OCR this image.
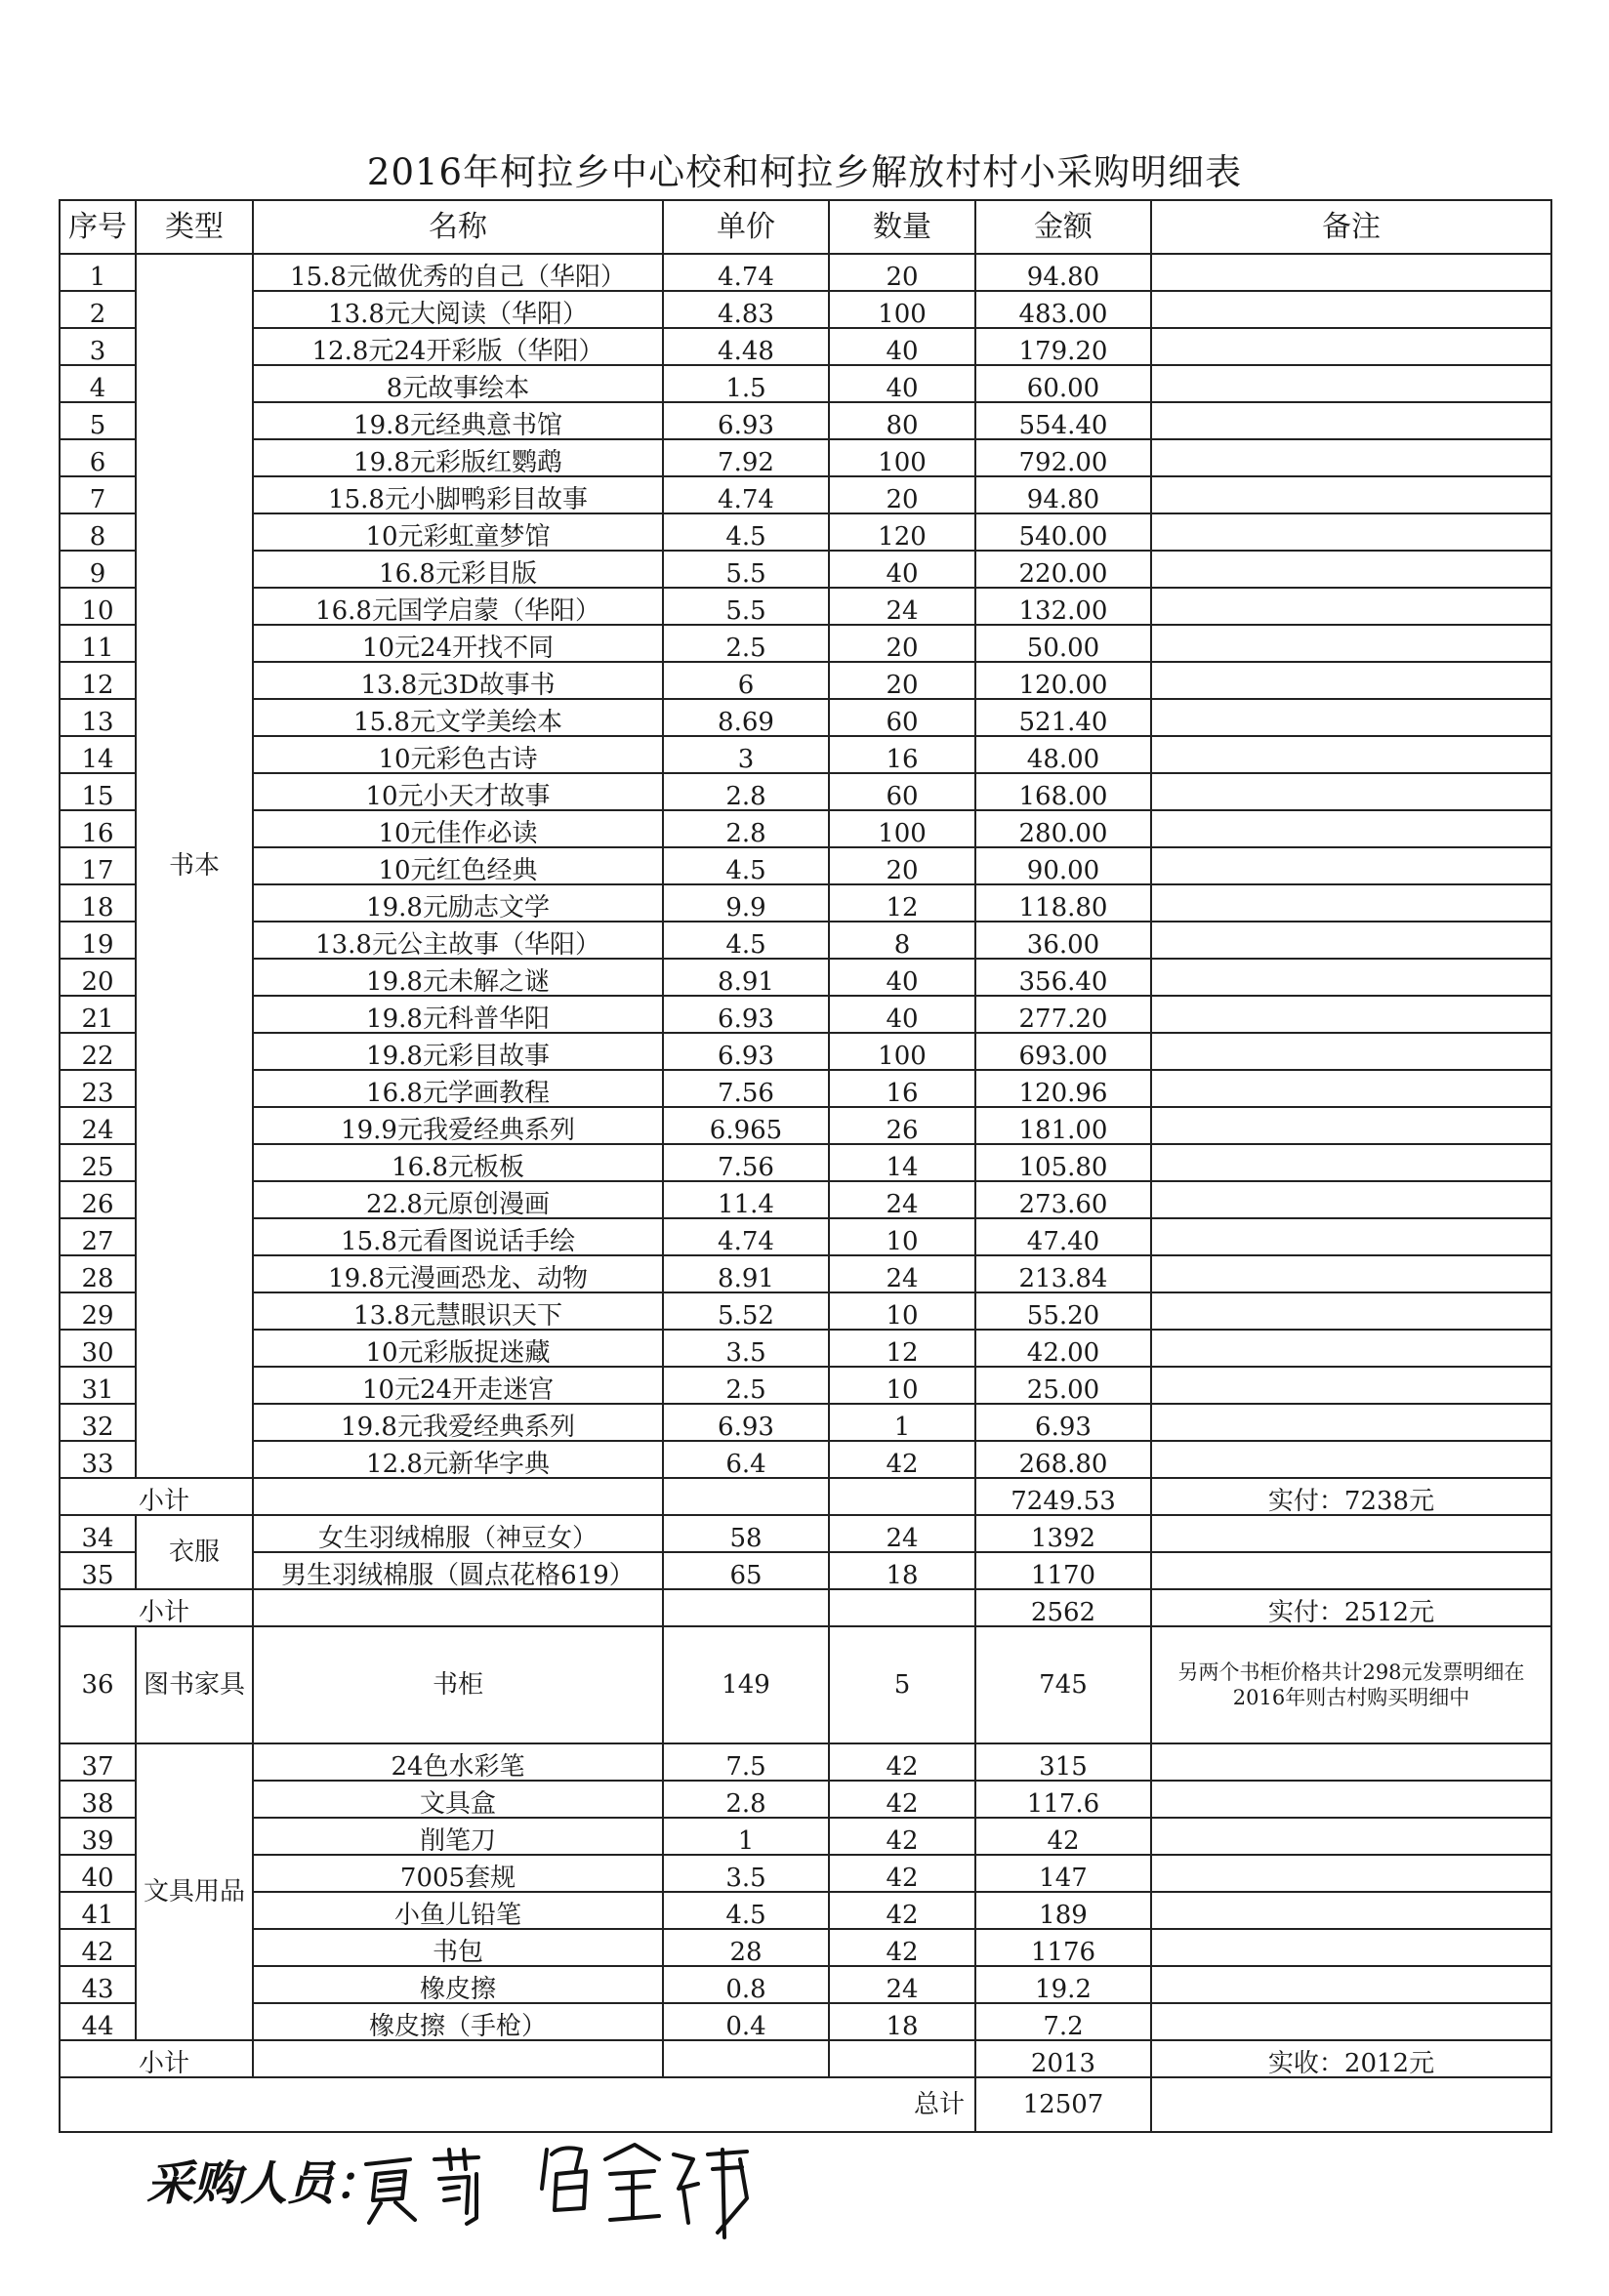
2016年柯拉乡中心校和柯拉乡解放村村小采购明细表
序号	类型	名称	单价	数量	金额	备注
1	书本	15.8元做优秀的自己（华阳）	4.74	20	94.80	
2		13.8元大阅读（华阳）	4.83	100	483.00	
3		12.8元24开彩版（华阳）	4.48	40	179.20	
4		8元故事绘本	1.5	40	60.00	
5		19.8元经典意书馆	6.93	80	554.40	
6		19.8元彩版红鹦鹉	7.92	100	792.00	
7		15.8元小脚鸭彩目故事	4.74	20	94.80	
8		10元彩虹童梦馆	4.5	120	540.00	
9		16.8元彩目版	5.5	40	220.00	
10		16.8元国学启蒙（华阳）	5.5	24	132.00	
11		10元24开找不同	2.5	20	50.00	
12		13.8元3D故事书	6	20	120.00	
13		15.8元文学美绘本	8.69	60	521.40	
14		10元彩色古诗	3	16	48.00	
15		10元小天才故事	2.8	60	168.00	
16		10元佳作必读	2.8	100	280.00	
17		10元红色经典	4.5	20	90.00	
18		19.8元励志文学	9.9	12	118.80	
19		13.8元公主故事（华阳）	4.5	8	36.00	
20		19.8元未解之谜	8.91	40	356.40	
21		19.8元科普华阳	6.93	40	277.20	
22		19.8元彩目故事	6.93	100	693.00	
23		16.8元学画教程	7.56	16	120.96	
24		19.9元我爱经典系列	6.965	26	181.00	
25		16.8元板板	7.56	14	105.80	
26		22.8元原创漫画	11.4	24	273.60	
27		15.8元看图说话手绘	4.74	10	47.40	
28		19.8元漫画恐龙、动物	8.91	24	213.84	
29		13.8元慧眼识天下	5.52	10	55.20	
30		10元彩版捉迷藏	3.5	12	42.00	
31		10元24开走迷宫	2.5	10	25.00	
32		19.8元我爱经典系列	6.93	1	6.93	
33		12.8元新华字典	6.4	42	268.80	
小计					7249.53	实付：7238元
34	衣服	女生羽绒棉服（神豆女）	58	24	1392	
35		男生羽绒棉服（圆点花格619）	65	18	1170	
小计					2562	实付：2512元
36	图书家具	书柜	149	5	745	另两个书柜价格共计298元发票明细在2016年则古村购买明细中
37	文具用品	24色水彩笔	7.5	42	315	
38		文具盒	2.8	42	117.6	
39		削笔刀	1	42	42	
40		7005套规	3.5	42	147	
41		小鱼儿铅笔	4.5	42	189	
42		书包	28	42	1176	
43		橡皮擦	0.8	24	19.2	
44		橡皮擦（手枪）	0.4	18	7.2	
小计					2013	实收：2012元
总计					12507	
采购人员：
